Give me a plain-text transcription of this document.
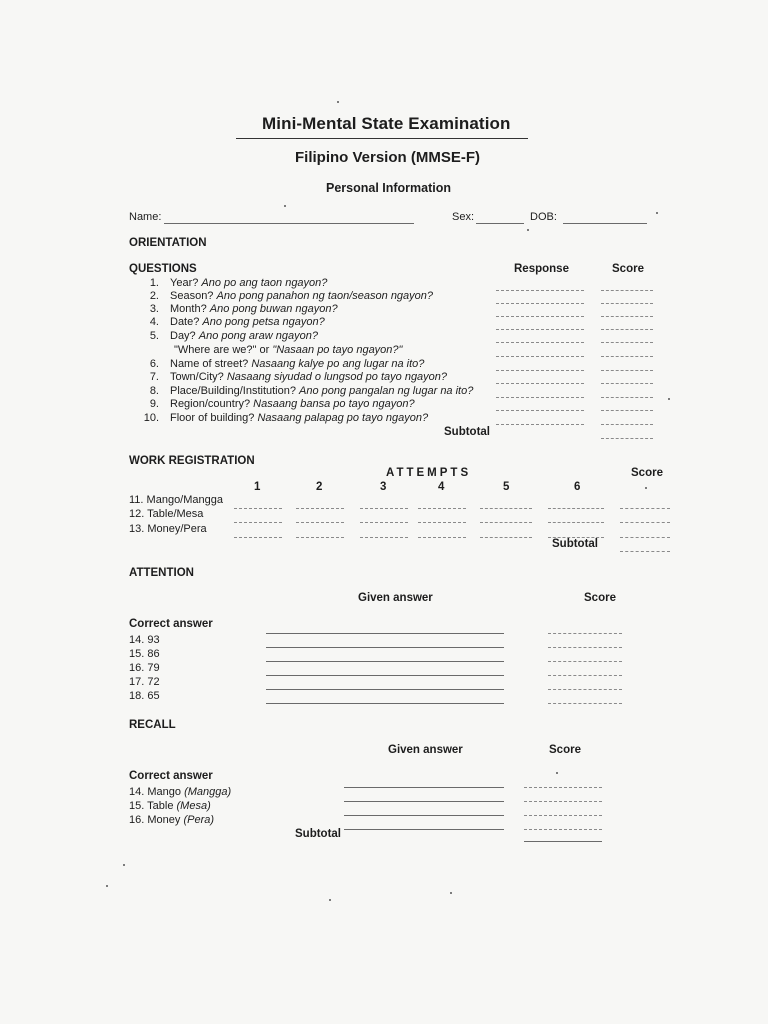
Mini-Mental State Examination
Filipino Version (MMSE-F)
Personal Information
Name:	Sex:	DOB:
ORIENTATION
QUESTIONS	Response	Score
1. Year? Ano po ang taon ngayon?
2. Season? Ano pong panahon ng taon/season ngayon?
3. Month? Ano pong buwan ngayon?
4. Date? Ano pong petsa ngayon?
5. Day? Ano pong araw ngayon?
"Where are we?" or "Nasaan po tayo ngayon?"
6. Name of street? Nasaang kalye po ang lugar na ito?
7. Town/City? Nasaang siyudad o lungsod po tayo ngayon?
8. Place/Building/Institution? Ano pong pangalan ng lugar na ito?
9. Region/country? Nasaang bansa po tayo ngayon?
10. Floor of building? Nasaang palapag po tayo ngayon?
Subtotal
WORK REGISTRATION
ATTEMPTS	Score
1	2	3	4	5	6
11. Mango/Mangga
12. Table/Mesa
13. Money/Pera
Subtotal
ATTENTION
Given answer	Score
Correct answer
14. 93
15. 86
16. 79
17. 72
18. 65
RECALL
Given answer	Score
Correct answer
14. Mango (Mangga)
15. Table (Mesa)
16. Money (Pera)
Subtotal
